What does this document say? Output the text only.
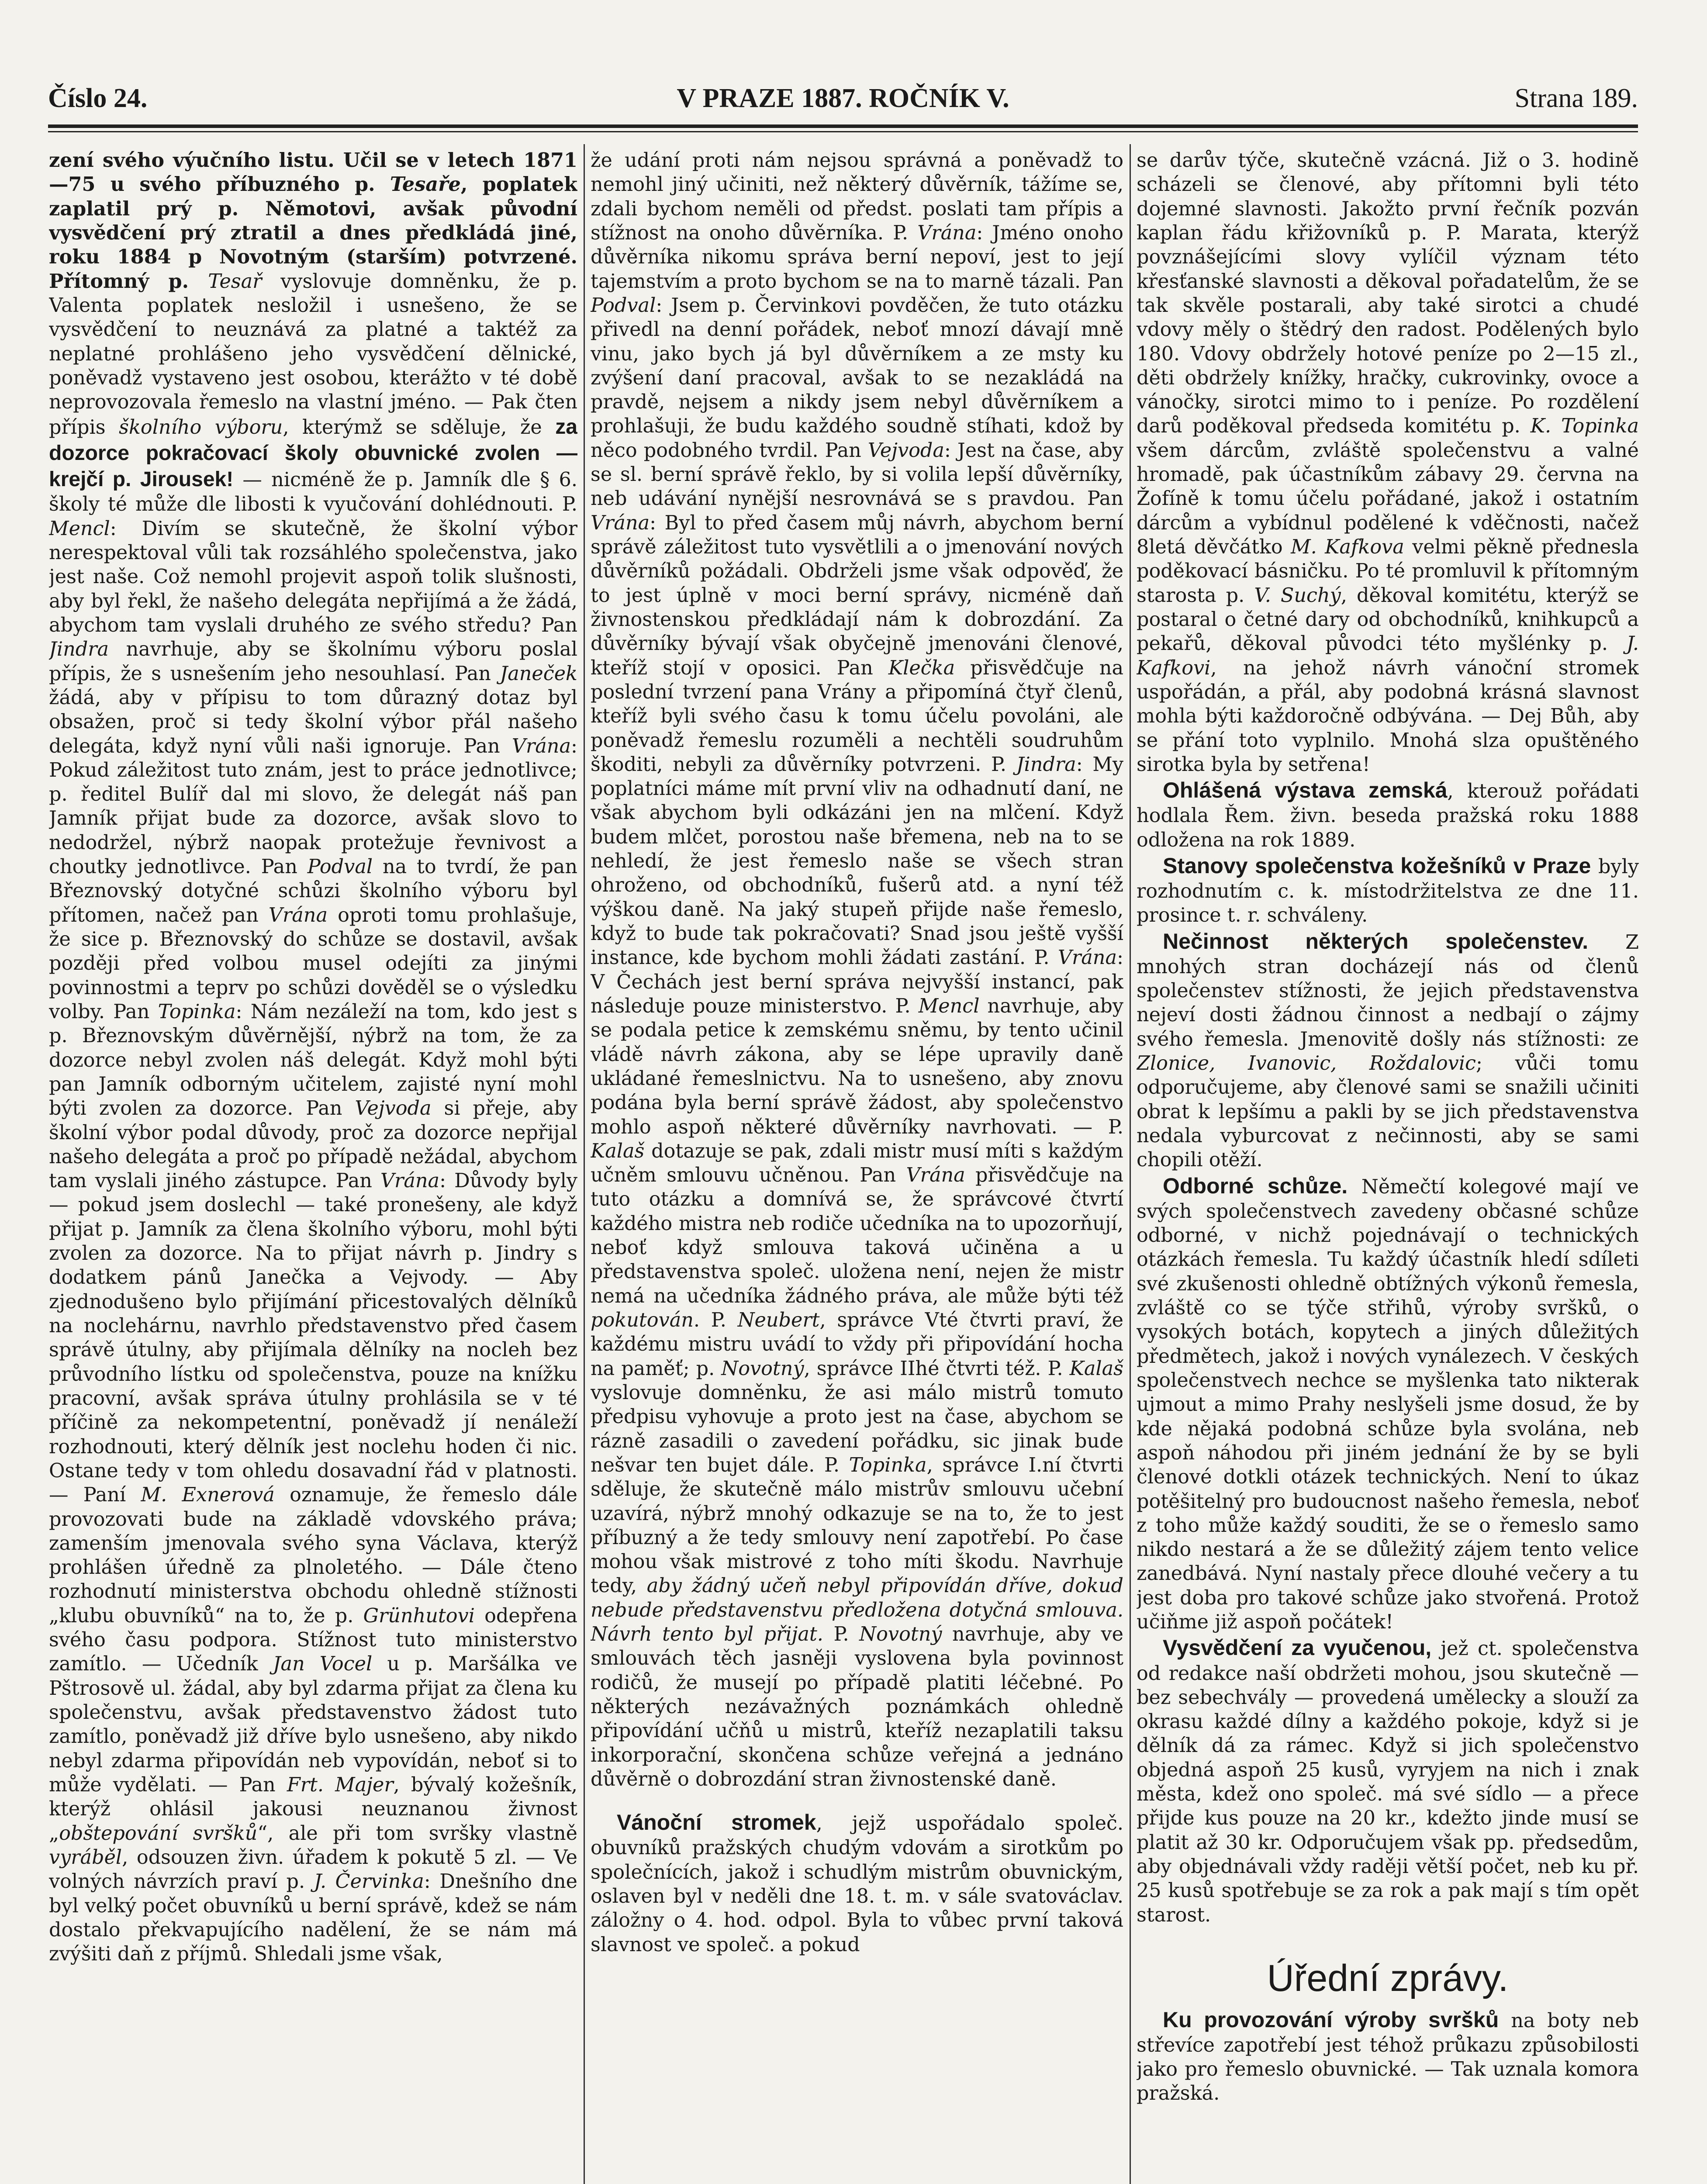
Číslo 24.	V PRAZE 1887. ROČNÍK V.	Strana 189.

zení svého výučního listu. Učil se v letech 1871—75 u svého příbuzného p. Tesaře, poplatek zaplatil prý p. Němotovi, avšak původní vysvědčení prý ztratil a dnes předkládá jiné, roku 1884 p Novotným (starším) potvrzené. Přítomný p. Tesař vyslovuje domněnku, že p. Valenta poplatek nesložil i usnešeno, že se vysvědčení to neuznává za platné a taktéž za neplatné prohlášeno jeho vysvědčení dělnické, poněvadž vystaveno jest osobou, kterážto v té době neprovozovala řemeslo na vlastní jméno. — Pak čten přípis školního výboru, kterýmž se sděluje, že za dozorce pokračovací školy obuvnické zvolen — krejčí p. Jirousek! — nicméně že p. Jamník dle § 6. školy té může dle libosti k vyučování dohlédnouti. P. Mencl: Divím se skutečně, že školní výbor nerespektoval vůli tak rozsáhlého společenstva, jako jest naše. Což nemohl projevit aspoň tolik slušnosti, aby byl řekl, že našeho delegáta nepřijímá a že žádá, abychom tam vyslali druhého ze svého středu? Pan Jindra navrhuje, aby se školnímu výboru poslal přípis, že s usnešením jeho nesouhlasí. Pan Janeček žádá, aby v přípisu to tom důrazný dotaz byl obsažen, proč si tedy školní výbor přál našeho delegáta, když nyní vůli naši ignoruje. Pan Vrána: Pokud záležitost tuto znám, jest to práce jednotlivce; p. ředitel Bulíř dal mi slovo, že delegát náš pan Jamník přijat bude za dozorce, avšak slovo to nedodržel, nýbrž naopak protežuje řevnivost a choutky jednotlivce. Pan Podval na to tvrdí, že pan Březnovský dotyčné schůzi školního výboru byl přítomen, načež pan Vrána oproti tomu prohlašuje, že sice p. Březnovský do schůze se dostavil, avšak později před volbou musel odejíti za jinými povinnostmi a teprv po schůzi dověděl se o výsledku volby. Pan Topinka: Nám nezáleží na tom, kdo jest s p. Březnovským důvěrnější, nýbrž na tom, že za dozorce nebyl zvolen náš delegát. Když mohl býti pan Jamník odborným učitelem, zajisté nyní mohl býti zvolen za dozorce. Pan Vejvoda si přeje, aby školní výbor podal důvody, proč za dozorce nepřijal našeho delegáta a proč po případě nežádal, abychom tam vyslali jiného zástupce. Pan Vrána: Důvody byly — pokud jsem doslechl — také pronešeny, ale když přijat p. Jamník za člena školního výboru, mohl býti zvolen za dozorce. Na to přijat návrh p. Jindry s dodatkem pánů Janečka a Vejvody. — Aby zjednodušeno bylo přijímání přicestovalých dělníků na noclehárnu, navrhlo představenstvo před časem správě útulny, aby přijímala dělníky na nocleh bez průvodního lístku od společenstva, pouze na knížku pracovní, avšak správa útulny prohlásila se v té příčině za nekompetentní, poněvadž jí nenáleží rozhodnouti, který dělník jest noclehu hoden či nic. Ostane tedy v tom ohledu dosavadní řád v platnosti. — Paní M. Exnerová oznamuje, že řemeslo dále provozovati bude na základě vdovského práva; zamenším jmenovala svého syna Václava, kterýž prohlášen úředně za plnoletého. — Dále čteno rozhodnutí ministerstva obchodu ohledně stížnosti „klubu obuvníků“ na to, že p. Grünhutovi odepřena svého času podpora. Stížnost tuto ministerstvo zamítlo. — Učedník Jan Vocel u p. Maršálka ve Pštrosově ul. žádal, aby byl zdarma přijat za člena ku společenstvu, avšak představenstvo žádost tuto zamítlo, poněvadž již dříve bylo usnešeno, aby nikdo nebyl zdarma připovídán neb vypovídán, neboť si to může vydělati. — Pan Frt. Majer, bývalý kožešník, kterýž ohlásil jakousi neuznanou živnost „obštepování svršků“, ale při tom svršky vlastně vyráběl, odsouzen živn. úřadem k pokutě 5 zl. — Ve volných návrzích praví p. J. Červinka: Dnešního dne byl velký počet obuvníků u berní správě, kdež se nám dostalo překvapujícího nadělení, že se nám má zvýšiti daň z příjmů. Shledali jsme však,

že udání proti nám nejsou správná a poněvadž to nemohl jiný učiniti, než některý důvěrník, tážíme se, zdali bychom neměli od předst. poslati tam přípis a stížnost na onoho důvěrníka. P. Vrána: Jméno onoho důvěrníka nikomu správa berní nepoví, jest to její tajemstvím a proto bychom se na to marně tázali. Pan Podval: Jsem p. Červinkovi povděčen, že tuto otázku přivedl na denní pořádek, neboť mnozí dávají mně vinu, jako bych já byl důvěrníkem a ze msty ku zvýšení daní pracoval, avšak to se nezakládá na pravdě, nejsem a nikdy jsem nebyl důvěrníkem a prohlašuji, že budu každého soudně stíhati, kdož by něco podobného tvrdil. Pan Vejvoda: Jest na čase, aby se sl. berní správě řeklo, by si volila lepší důvěrníky, neb udávání nynější nesrovnává se s pravdou. Pan Vrána: Byl to před časem můj návrh, abychom berní správě záležitost tuto vysvětlili a o jmenování nových důvěrníků požádali. Obdrželi jsme však odpověď, že to jest úplně v moci berní správy, nicméně daň živnostenskou předkládají nám k dobrozdání. Za důvěrníky bývají však obyčejně jmenováni členové, kteříž stojí v oposici. Pan Klečka přisvědčuje na poslední tvrzení pana Vrány a připomíná čtyř členů, kteříž byli svého času k tomu účelu povoláni, ale poněvadž řemeslu rozuměli a nechtěli soudruhům škoditi, nebyli za důvěrníky potvrzeni. P. Jindra: My poplatníci máme mít první vliv na odhadnutí daní, ne však abychom byli odkázáni jen na mlčení. Když budem mlčet, porostou naše břemena, neb na to se nehledí, že jest řemeslo naše se všech stran ohroženo, od obchodníků, fušerů atd. a nyní též výškou daně. Na jaký stupeň přijde naše řemeslo, když to bude tak pokračovati? Snad jsou ještě vyšší instance, kde bychom mohli žádati zastání. P. Vrána: V Čechách jest berní správa nejvyšší instancí, pak následuje pouze ministerstvo. P. Mencl navrhuje, aby se podala petice k zemskému sněmu, by tento učinil vládě návrh zákona, aby se lépe upravily daně ukládané řemeslnictvu. Na to usnešeno, aby znovu podána byla berní správě žádost, aby společenstvo mohlo aspoň některé důvěrníky navrhovati. — P. Kalaš dotazuje se pak, zdali mistr musí míti s každým učněm smlouvu učněnou. Pan Vrána přisvědčuje na tuto otázku a domnívá se, že správcové čtvrtí každého mistra neb rodiče učedníka na to upozorňují, neboť když smlouva taková učiněna a u představenstva společ. uložena není, nejen že mistr nemá na učedníka žádného práva, ale může býti též pokutován. P. Neubert, správce Vté čtvrti praví, že každému mistru uvádí to vždy při připovídání hocha na paměť; p. Novotný, správce IIhé čtvrti též. P. Kalaš vyslovuje domněnku, že asi málo mistrů tomuto předpisu vyhovuje a proto jest na čase, abychom se rázně zasadili o zavedení pořádku, sic jinak bude nešvar ten bujet dále. P. Topinka, správce I.ní čtvrti sděluje, že skutečně málo mistrův smlouvu učební uzavírá, nýbrž mnohý odkazuje se na to, že to jest příbuzný a že tedy smlouvy není zapotřebí. Po čase mohou však mistrové z toho míti škodu. Navrhuje tedy, aby žádný učeň nebyl připovídán dříve, dokud nebude představenstvu předložena dotyčná smlouva. Návrh tento byl přijat. P. Novotný navrhuje, aby ve smlouvách těch jasněji vyslovena byla povinnost rodičů, že musejí po případě platiti léčebné. Po některých nezávažných poznámkách ohledně připovídání učňů u mistrů, kteříž nezaplatili taksu inkorporační, skončena schůze veřejná a jednáno důvěrně o dobrozdání stran živnostenské daně.

Vánoční stromek, jejž uspořádalo společ. obuvníků pražských chudým vdovám a sirotkům po společnících, jakož i schudlým mistrům obuvnickým, oslaven byl v neděli dne 18. t. m. v sále svatováclav. záložny o 4. hod. odpol. Byla to vůbec první taková slavnost ve společ. a pokud

se darův týče, skutečně vzácná. Již o 3. hodině scházeli se členové, aby přítomni byli této dojemné slavnosti. Jakožto první řečník pozván kaplan řádu křižovníků p. P. Marata, kterýž povznášejícími slovy vylíčil význam této křesťanské slavnosti a děkoval pořadatelům, že se tak skvěle postarali, aby také sirotci a chudé vdovy měly o štědrý den radost. Podělených bylo 180. Vdovy obdržely hotové peníze po 2—15 zl., děti obdržely knížky, hračky, cukrovinky, ovoce a vánočky, sirotci mimo to i peníze. Po rozdělení darů poděkoval předseda komitétu p. K. Topinka všem dárcům, zvláště společenstvu a valné hromadě, pak účastníkům zábavy 29. června na Žofíně k tomu účelu pořádané, jakož i ostatním dárcům a vybídnul podělené k vděčnosti, načež 8letá děvčátko M. Kafkova velmi pěkně přednesla poděkovací básničku. Po té promluvil k přítomným starosta p. V. Suchý, děkoval komitétu, kterýž se postaral o četné dary od obchodníků, knihkupců a pekařů, děkoval původci této myšlénky p. J. Kafkovi, na jehož návrh vánoční stromek uspořádán, a přál, aby podobná krásná slavnost mohla býti každoročně odbývána. — Dej Bůh, aby se přání toto vyplnilo. Mnohá slza opuštěného sirotka byla by setřena!

Ohlášená výstava zemská, kterouž pořádati hodlala Řem. živn. beseda pražská roku 1888 odložena na rok 1889.

Stanovy společenstva kožešníků v Praze byly rozhodnutím c. k. místodržitelstva ze dne 11. prosince t. r. schváleny.

Nečinnost některých společenstev. Z mnohých stran docházejí nás od členů společenstev stížnosti, že jejich představenstva nejeví dosti žádnou činnost a nedbají o zájmy svého řemesla. Jmenovitě došly nás stížnosti: ze Zlonice, Ivanovic, Roždalovic; vůči tomu odporučujeme, aby členové sami se snažili učiniti obrat k lepšímu a pakli by se jich představenstva nedala vyburcovat z nečinnosti, aby se sami chopili otěží.

Odborné schůze. Němečtí kolegové mají ve svých společenstvech zavedeny občasné schůze odborné, v nichž pojednávají o technických otázkách řemesla. Tu každý účastník hledí sdíleti své zkušenosti ohledně obtížných výkonů řemesla, zvláště co se týče střihů, výroby svršků, o vysokých botách, kopytech a jiných důležitých předmětech, jakož i nových vynálezech. V českých společenstvech nechce se myšlenka tato nikterak ujmout a mimo Prahy neslyšeli jsme dosud, že by kde nějaká podobná schůze byla svolána, neb aspoň náhodou při jiném jednání že by se byli členové dotkli otázek technických. Není to úkaz potěšitelný pro budoucnost našeho řemesla, neboť z toho může každý souditi, že se o řemeslo samo nikdo nestará a že se důležitý zájem tento velice zanedbává. Nyní nastaly přece dlouhé večery a tu jest doba pro takové schůze jako stvořená. Protož učiňme již aspoň počátek!

Vysvědčení za vyučenou, jež ct. společenstva od redakce naší obdržeti mohou, jsou skutečně — bez sebechvály — provedená umělecky a slouží za okrasu každé dílny a každého pokoje, když si je dělník dá za rámec. Když si jich společenstvo objedná aspoň 25 kusů, vyryjem na nich i znak města, kdež ono společ. má své sídlo — a přece přijde kus pouze na 20 kr., kdežto jinde musí se platit až 30 kr. Odporučujem však pp. předsedům, aby objednávali vždy raději větší počet, neb ku př. 25 kusů spotřebuje se za rok a pak mají s tím opět starost.

Úřední zprávy.

Ku provozování výroby svršků na boty neb střevíce zapotřebí jest téhož průkazu způsobilosti jako pro řemeslo obuvnické. — Tak uznala komora pražská.
